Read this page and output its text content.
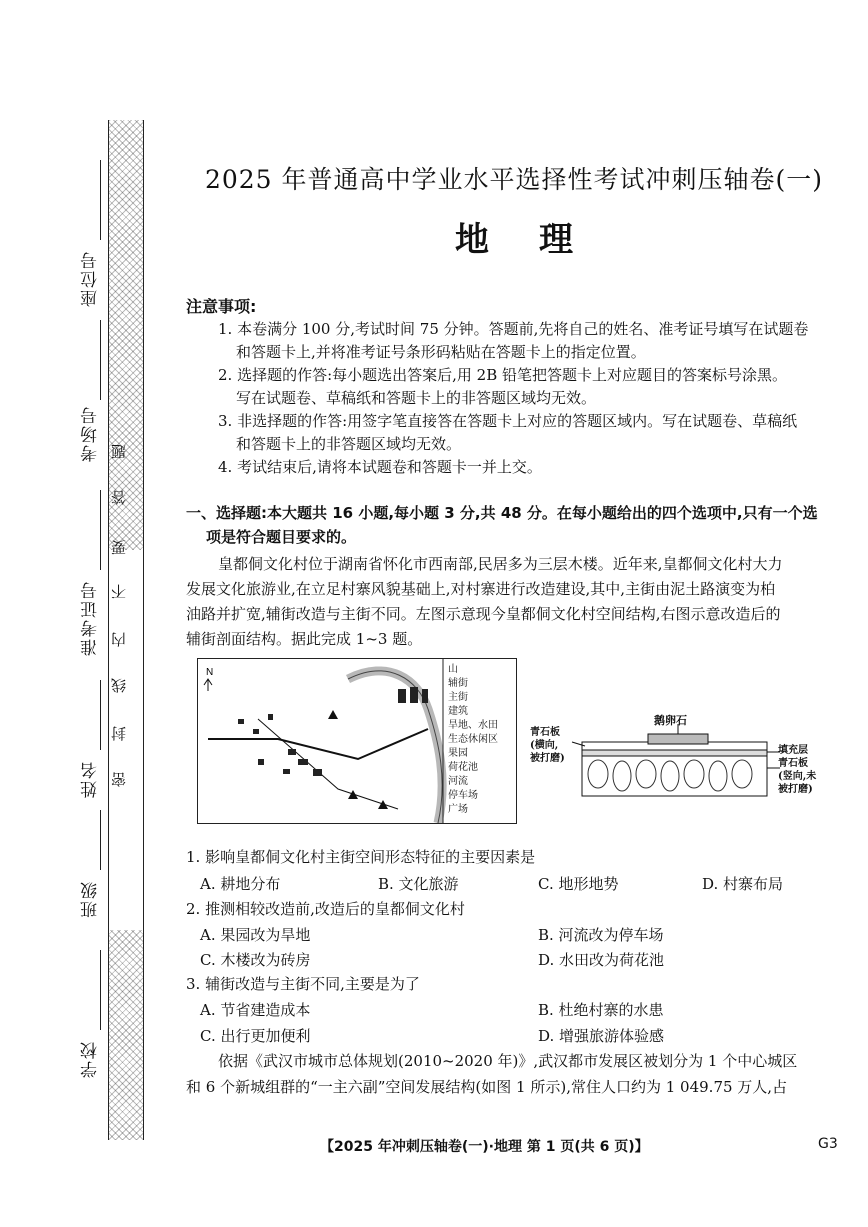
座位号
考场号
准考证号
姓名
班级
学校
题
答
要
不
内
线
封
密
2025 年普通高中学业水平选择性考试冲刺压轴卷(一)
地理
注意事项:
1. 本卷满分 100 分,考试时间 75 分钟。答题前,先将自己的姓名、准考证号填写在试题卷
和答题卡上,并将准考证号条形码粘贴在答题卡上的指定位置。
2. 选择题的作答:每小题选出答案后,用 2B 铅笔把答题卡上对应题目的答案标号涂黑。
写在试题卷、草稿纸和答题卡上的非答题区域均无效。
3. 非选择题的作答:用签字笔直接答在答题卡上对应的答题区域内。写在试题卷、草稿纸
和答题卡上的非答题区域均无效。
4. 考试结束后,请将本试题卷和答题卡一并上交。
一、选择题:本大题共 16 小题,每小题 3 分,共 48 分。在每小题给出的四个选项中,只有一个选
项是符合题目要求的。
皇都侗文化村位于湖南省怀化市西南部,民居多为三层木楼。近年来,皇都侗文化村大力
发展文化旅游业,在立足村寨风貌基础上,对村寨进行改造建设,其中,主街由泥土路演变为柏
油路并扩宽,辅街改造与主街不同。左图示意现今皇都侗文化村空间结构,右图示意改造后的
辅街剖面结构。据此完成 1~3 题。
N	山
辅街
主街
建筑
旱地、水田
生态休闲区
果园
荷花池
河流
停车场
广场
鹅卵石
青石板
(横向,
被打磨)
填充层
青石板
(竖向,未
被打磨)
1. 影响皇都侗文化村主街空间形态特征的主要因素是
A. 耕地分布	B. 文化旅游	C. 地形地势	D. 村寨布局
2. 推测相较改造前,改造后的皇都侗文化村
A. 果园改为旱地	B. 河流改为停车场
C. 木楼改为砖房	D. 水田改为荷花池
3. 辅街改造与主街不同,主要是为了
A. 节省建造成本	B. 杜绝村寨的水患
C. 出行更加便利	D. 增强旅游体验感
依据《武汉市城市总体规划(2010~2020 年)》,武汉都市发展区被划分为 1 个中心城区
和 6 个新城组群的“一主六副”空间发展结构(如图 1 所示),常住人口约为 1 049.75 万人,占
【2025 年冲刺压轴卷(一)·地理 第 1 页(共 6 页)】	G3
